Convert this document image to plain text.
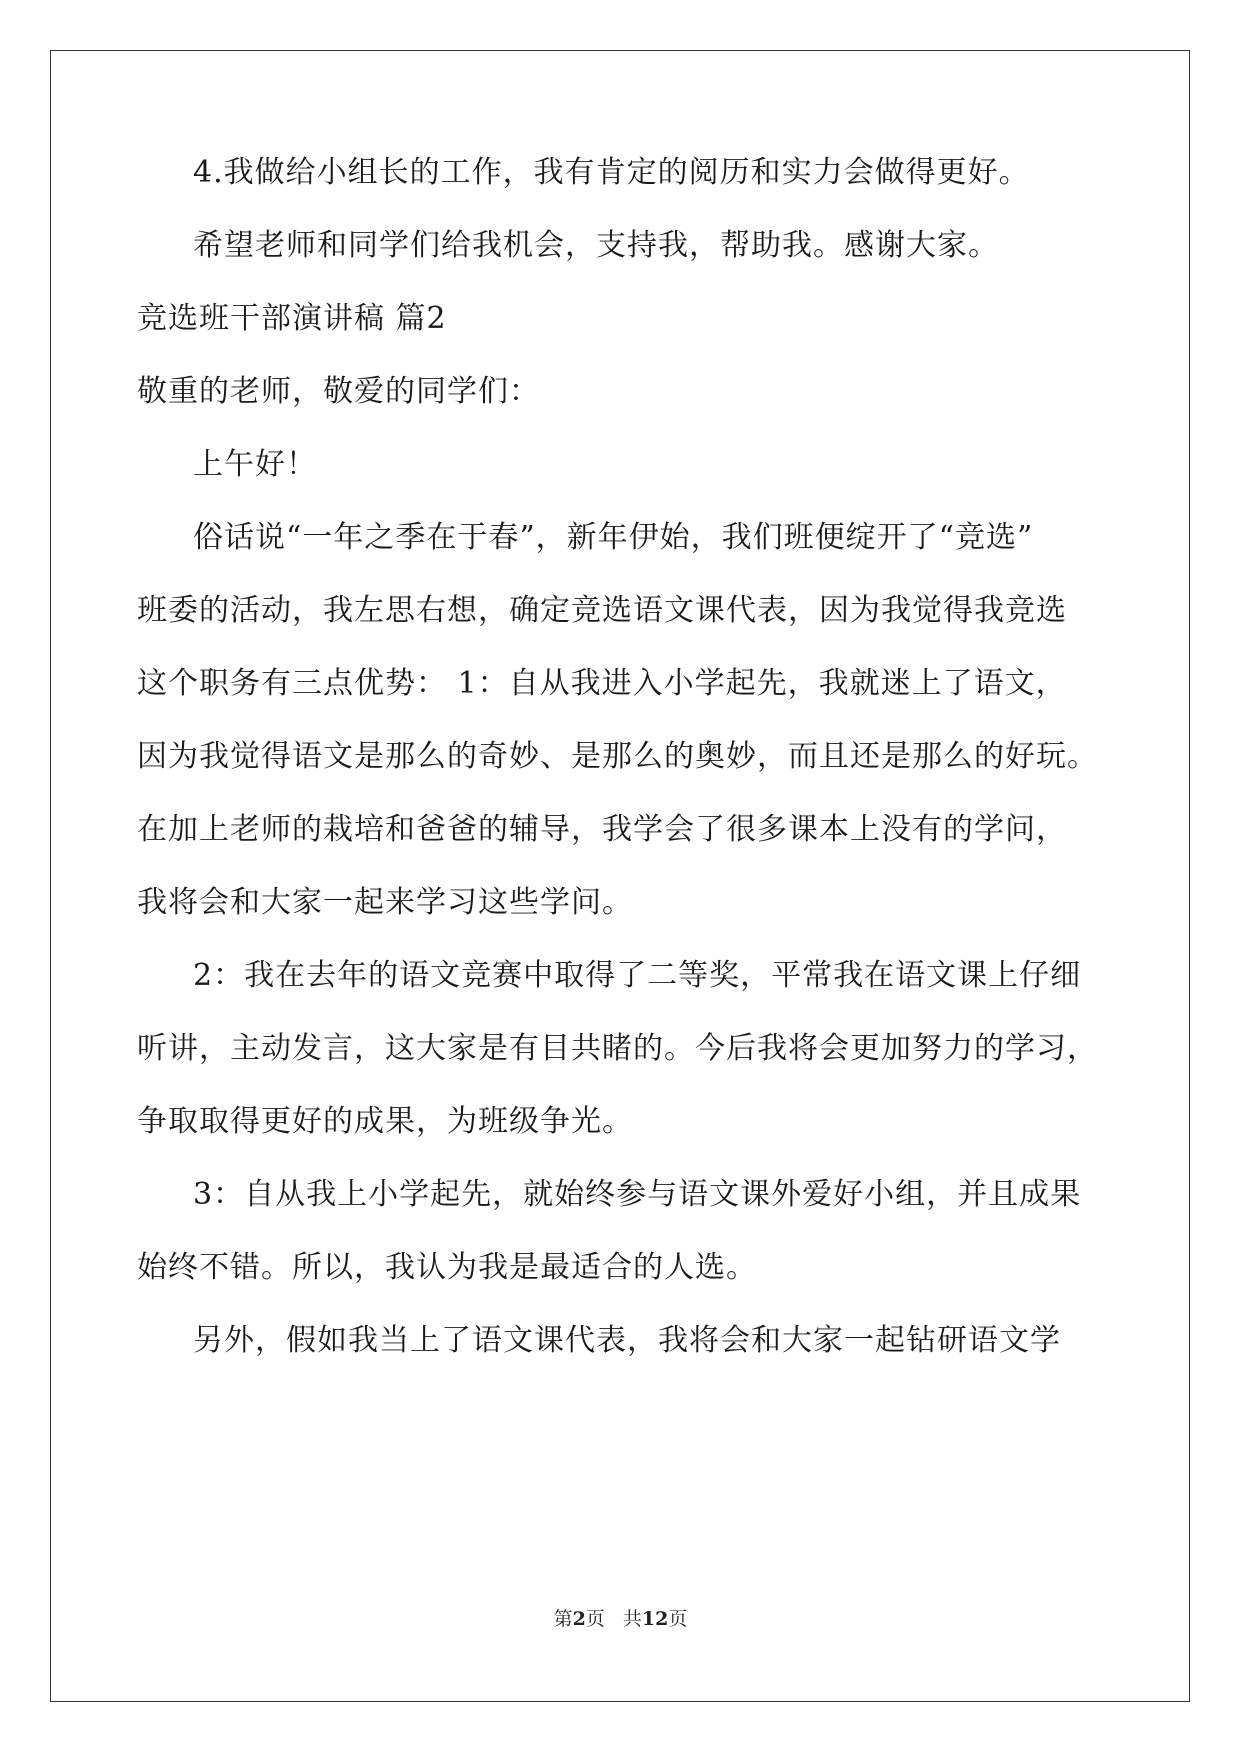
4.我做给小组长的工作，我有肯定的阅历和实力会做得更好。
希望老师和同学们给我机会，支持我，帮助我。感谢大家。
竞选班干部演讲稿 篇2
敬重的老师，敬爱的同学们：
上午好！
俗话说“一年之季在于春”，新年伊始，我们班便绽开了“竞选”
班委的活动，我左思右想，确定竞选语文课代表，因为我觉得我竞选
这个职务有三点优势： 1：自从我进入小学起先，我就迷上了语文，
因为我觉得语文是那么的奇妙、是那么的奥妙，而且还是那么的好玩。
在加上老师的栽培和爸爸的辅导，我学会了很多课本上没有的学问，
我将会和大家一起来学习这些学问。
2：我在去年的语文竞赛中取得了二等奖，平常我在语文课上仔细
听讲，主动发言，这大家是有目共睹的。今后我将会更加努力的学习，
争取取得更好的成果，为班级争光。
3：自从我上小学起先，就始终参与语文课外爱好小组，并且成果
始终不错。所以，我认为我是最适合的人选。
另外，假如我当上了语文课代表，我将会和大家一起钻研语文学
第2页 共12页
